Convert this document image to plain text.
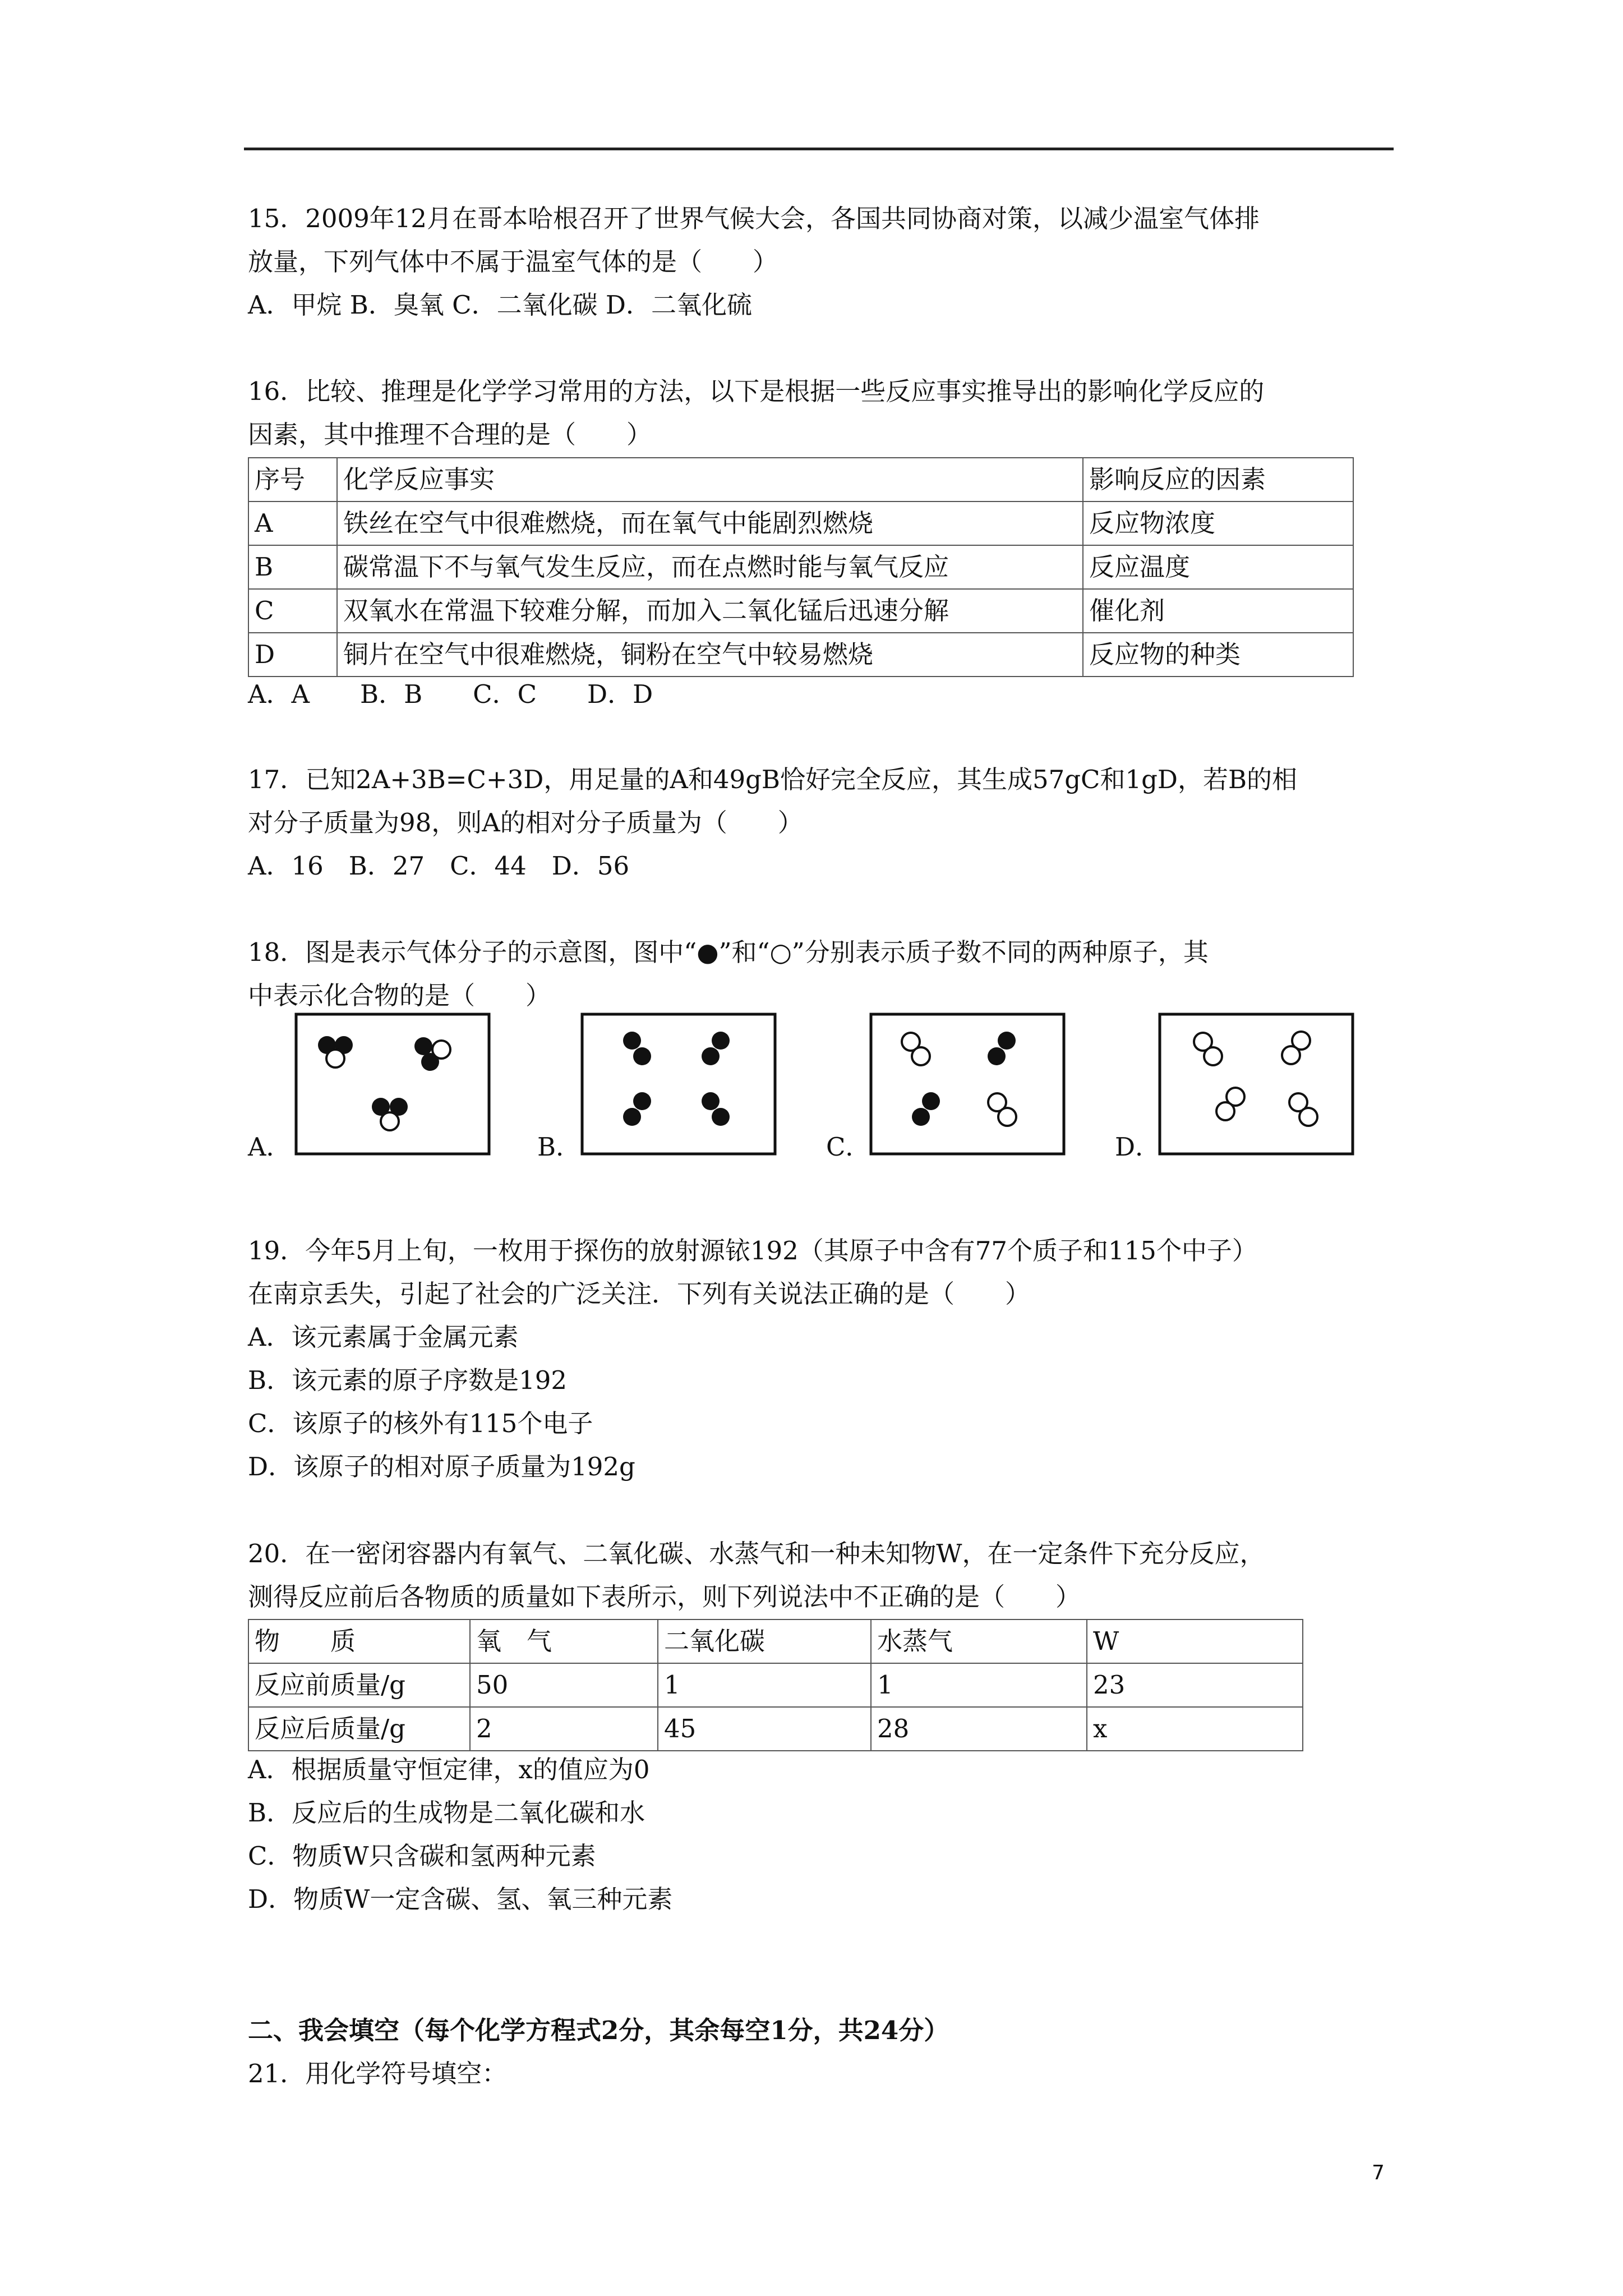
15．2009年12月在哥本哈根召开了世界气候大会，各国共同协商对策，以减少温室气体排
放量，下列气体中不属于温室气体的是（　　）
A．甲烷 B．臭氧 C．二氧化碳 D．二氧化硫
16．比较、推理是化学学习常用的方法，以下是根据一些反应事实推导出的影响化学反应的
因素，其中推理不合理的是（　　）
序号	化学反应事实	影响反应的因素
A	铁丝在空气中很难燃烧，而在氧气中能剧烈燃烧	反应物浓度
B	碳常温下不与氧气发生反应，而在点燃时能与氧气反应	反应温度
C	双氧水在常温下较难分解，而加入二氧化锰后迅速分解	催化剂
D	铜片在空气中很难燃烧，铜粉在空气中较易燃烧	反应物的种类
A．A　　B．B　　C．C　　D．D
17．已知2A+3B=C+3D，用足量的A和49gB恰好完全反应，其生成57gC和1gD，若B的相
对分子质量为98，则A的相对分子质量为（　　）
A．16　B．27　C．44　D．56
18．图是表示气体分子的示意图，图中“●”和“○”分别表示质子数不同的两种原子，其
中表示化合物的是（　　）
A．	B．	C．	D．
19．今年5月上旬，一枚用于探伤的放射源铱192（其原子中含有77个质子和115个中子）
在南京丢失，引起了社会的广泛关注．下列有关说法正确的是（　　）
A．该元素属于金属元素
B．该元素的原子序数是192
C．该原子的核外有115个电子
D．该原子的相对原子质量为192g
20．在一密闭容器内有氧气、二氧化碳、水蒸气和一种未知物W，在一定条件下充分反应，
测得反应前后各物质的质量如下表所示，则下列说法中不正确的是（　　）
物　　质	氧　气	二氧化碳	水蒸气	W
反应前质量/g	50	1	1	23
反应后质量/g	2	45	28	x
A．根据质量守恒定律，x的值应为0
B．反应后的生成物是二氧化碳和水
C．物质W只含碳和氢两种元素
D．物质W一定含碳、氢、氧三种元素
二、我会填空（每个化学方程式2分，其余每空1分，共24分）
21．用化学符号填空：
7
